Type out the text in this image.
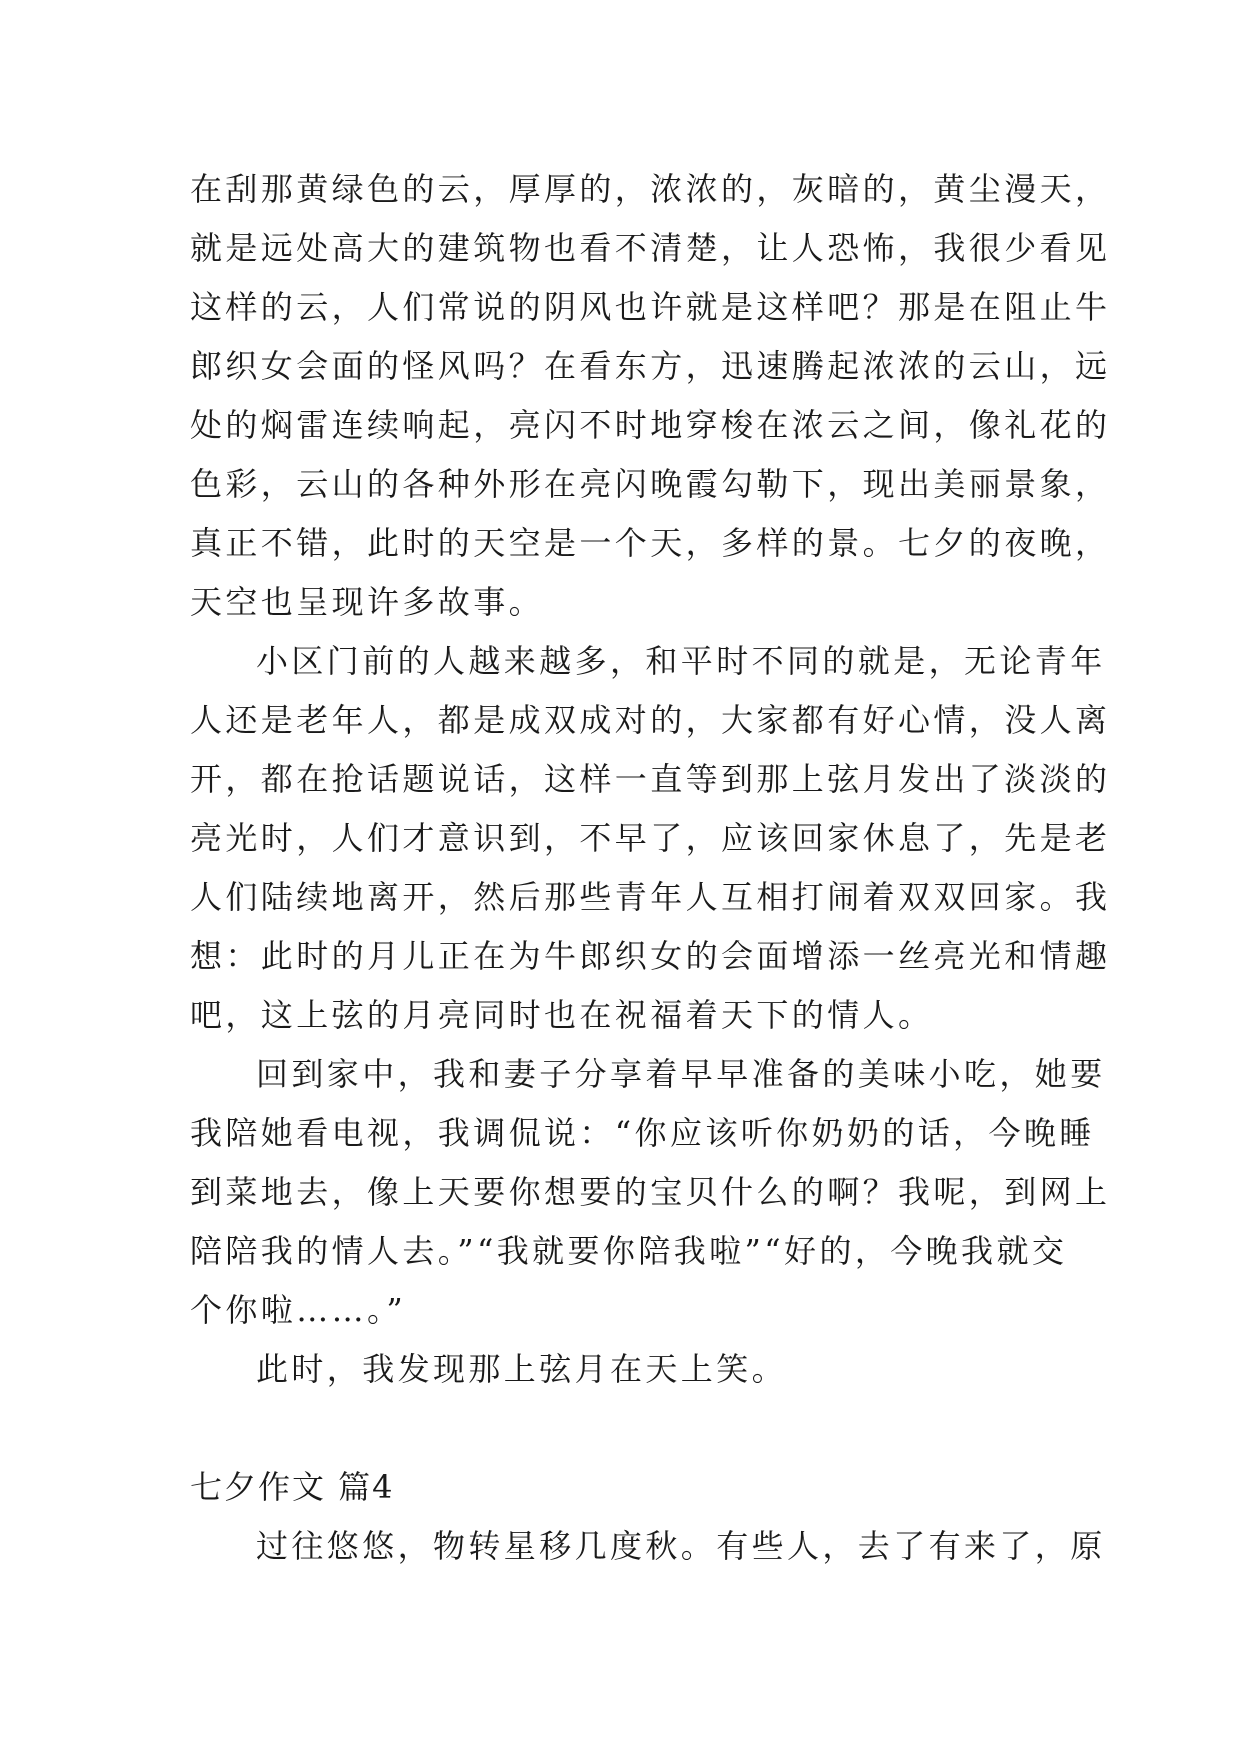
在刮那黄绿色的云，厚厚的，浓浓的，灰暗的，黄尘漫天，
就是远处高大的建筑物也看不清楚，让人恐怖，我很少看见
这样的云，人们常说的阴风也许就是这样吧？那是在阻止牛
郎织女会面的怪风吗？在看东方，迅速腾起浓浓的云山，远
处的焖雷连续响起，亮闪不时地穿梭在浓云之间，像礼花的
色彩，云山的各种外形在亮闪晚霞勾勒下，现出美丽景象，
真正不错，此时的天空是一个天，多样的景。七夕的夜晚，
天空也呈现许多故事。
小区门前的人越来越多，和平时不同的就是，无论青年
人还是老年人，都是成双成对的，大家都有好心情，没人离
开，都在抢话题说话，这样一直等到那上弦月发出了淡淡的
亮光时，人们才意识到，不早了，应该回家休息了，先是老
人们陆续地离开，然后那些青年人互相打闹着双双回家。我
想：此时的月儿正在为牛郎织女的会面增添一丝亮光和情趣
吧，这上弦的月亮同时也在祝福着天下的情人。
回到家中，我和妻子分享着早早准备的美味小吃，她要
我陪她看电视，我调侃说：“你应该听你奶奶的话，今晚睡
到菜地去，像上天要你想要的宝贝什么的啊？我呢，到网上
陪陪我的情人去。”“我就要你陪我啦”“好的，今晚我就交
个你啦……。”
此时，我发现那上弦月在天上笑。
七夕作文 篇4
过往悠悠，物转星移几度秋。有些人，去了有来了，原
